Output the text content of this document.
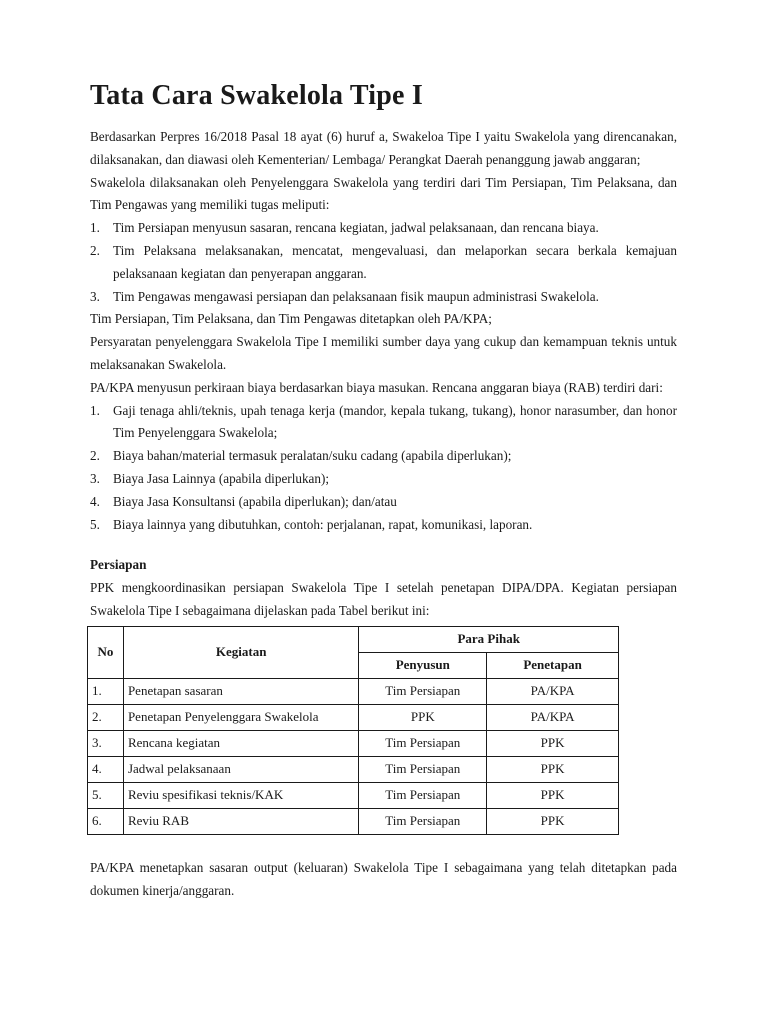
Tata Cara Swakelola Tipe I

Berdasarkan Perpres 16/2018 Pasal 18 ayat (6) huruf a, Swakeloa Tipe I yaitu Swakelola yang direncanakan, dilaksanakan, dan diawasi oleh Kementerian/ Lembaga/ Perangkat Daerah penanggung jawab anggaran;

Swakelola dilaksanakan oleh Penyelenggara Swakelola yang terdiri dari Tim Persiapan, Tim Pelaksana, dan Tim Pengawas yang memiliki tugas meliputi:

1. Tim Persiapan menyusun sasaran, rencana kegiatan, jadwal pelaksanaan, dan rencana biaya.
2. Tim Pelaksana melaksanakan, mencatat, mengevaluasi, dan melaporkan secara berkala kemajuan pelaksanaan kegiatan dan penyerapan anggaran.
3. Tim Pengawas mengawasi persiapan dan pelaksanaan fisik maupun administrasi Swakelola.

Tim Persiapan, Tim Pelaksana, dan Tim Pengawas ditetapkan oleh PA/KPA;

Persyaratan penyelenggara Swakelola Tipe I memiliki sumber daya yang cukup dan kemampuan teknis untuk melaksanakan Swakelola.

PA/KPA menyusun perkiraan biaya berdasarkan biaya masukan. Rencana anggaran biaya (RAB) terdiri dari:

1. Gaji tenaga ahli/teknis, upah tenaga kerja (mandor, kepala tukang, tukang), honor narasumber, dan honor Tim Penyelenggara Swakelola;
2. Biaya bahan/material termasuk peralatan/suku cadang (apabila diperlukan);
3. Biaya Jasa Lainnya (apabila diperlukan);
4. Biaya Jasa Konsultansi (apabila diperlukan); dan/atau
5. Biaya lainnya yang dibutuhkan, contoh: perjalanan, rapat, komunikasi, laporan.

Persiapan

PPK mengkoordinasikan persiapan Swakelola Tipe I setelah penetapan DIPA/DPA. Kegiatan persiapan Swakelola Tipe I sebagaimana dijelaskan pada Tabel berikut ini:

No	Kegiatan	Para Pihak	
		Penyusun	Penetapan
1.	Penetapan sasaran	Tim Persiapan	PA/KPA
2.	Penetapan Penyelenggara Swakelola	PPK	PA/KPA
3.	Rencana kegiatan	Tim Persiapan	PPK
4.	Jadwal pelaksanaan	Tim Persiapan	PPK
5.	Reviu spesifikasi teknis/KAK	Tim Persiapan	PPK
6.	Reviu RAB	Tim Persiapan	PPK

PA/KPA menetapkan sasaran output (keluaran) Swakelola Tipe I sebagaimana yang telah ditetapkan pada dokumen kinerja/anggaran.
